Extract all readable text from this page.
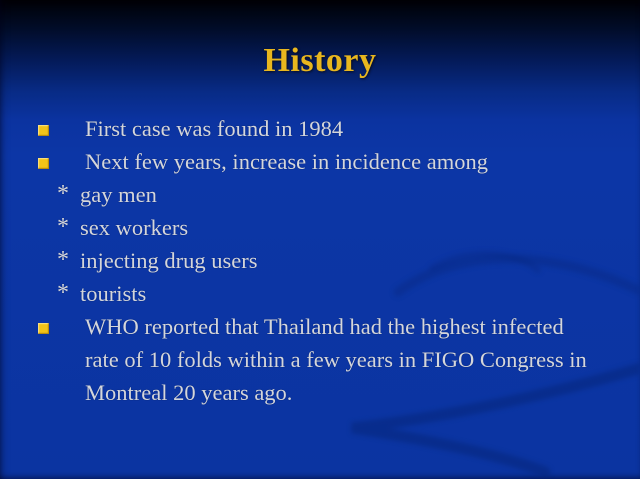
History
First case was found in 1984
Next few years, increase in incidence among
* gay men
* sex workers
* injecting drug users
* tourists
WHO reported that Thailand had the highest infected rate of 10 folds within a few years in FIGO Congress in Montreal 20 years ago.
